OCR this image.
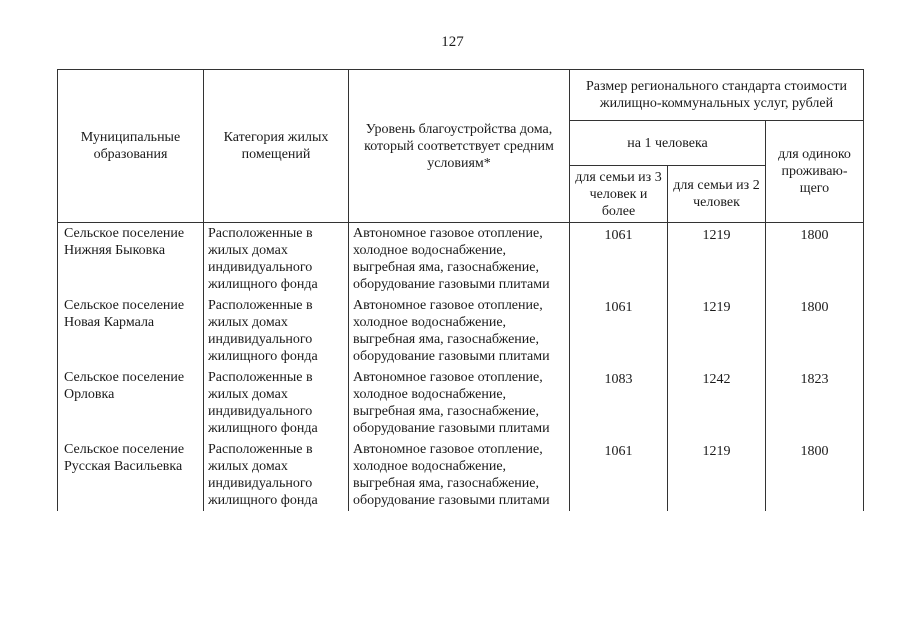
127
Муниципальные образования	Категория жилых помещений	Уровень благоустройства дома, который соответствует средним условиям*	Размер регионального стандарта стоимости жилищно-коммунальных услуг, рублей		
			на 1 человека		для одиноко проживаю-щего
			для семьи из 3 человек и более	для семьи из 2 человек	
Сельское поселение Нижняя Быковка	Расположенные в жилых домах индивидуального жилищного фонда	Автономное газовое отопление, холодное водоснабжение, выгребная яма, газоснабжение, оборудование газовыми плитами	1061	1219	1800
Сельское поселение Новая Кармала	Расположенные в жилых домах индивидуального жилищного фонда	Автономное газовое отопление, холодное водоснабжение, выгребная яма, газоснабжение, оборудование газовыми плитами	1061	1219	1800
Сельское поселение Орловка	Расположенные в жилых домах индивидуального жилищного фонда	Автономное газовое отопление, холодное водоснабжение, выгребная яма, газоснабжение, оборудование газовыми плитами	1083	1242	1823
Сельское поселение Русская Васильевка	Расположенные в жилых домах индивидуального жилищного фонда	Автономное газовое отопление, холодное водоснабжение, выгребная яма, газоснабжение, оборудование газовыми плитами	1061	1219	1800
